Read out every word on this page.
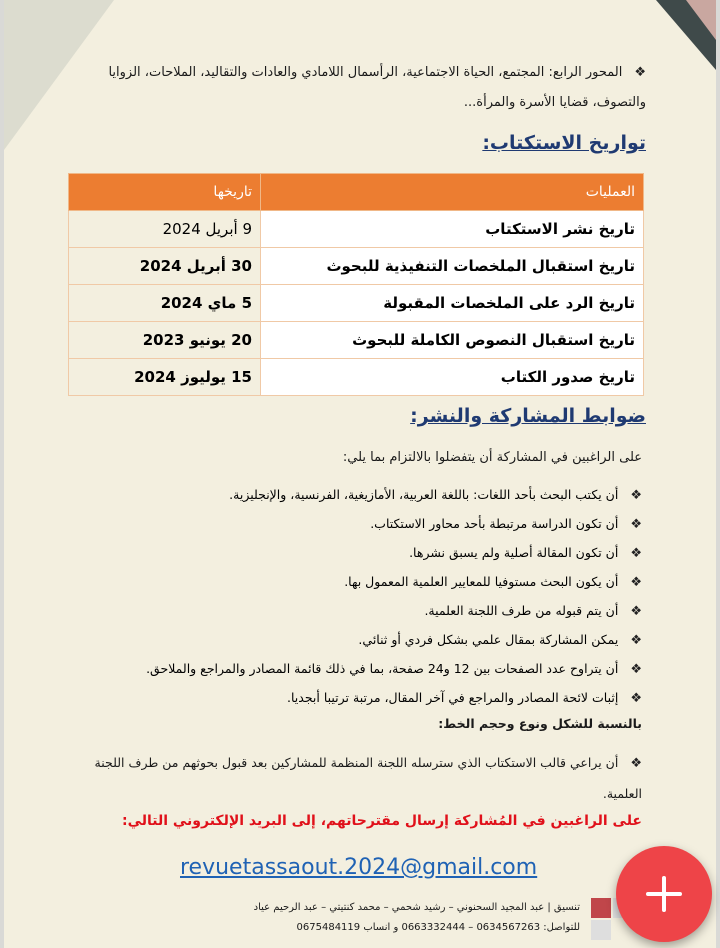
❖المحور الرابع: المجتمع، الحياة الاجتماعية، الرأسمال اللامادي والعادات والتقاليد، الملاحات، الزوايا والتصوف، قضايا الأسرة والمرأة...
تواريخ الاستكتاب:
العمليات	تاريخها
تاريخ نشر الاستكتاب	9 أبريل 2024
تاريخ استقبال الملخصات التنفيذية للبحوث	30 أبريل 2024
تاريخ الرد على الملخصات المقبولة	5 ماي 2024
تاريخ استقبال النصوص الكاملة للبحوث	20 يونيو 2023
تاريخ صدور الكتاب	15 يوليوز 2024
ضوابط المشاركة والنشر:
على الراغبين في المشاركة أن يتفضلوا بالالتزام بما يلي:
❖أن يكتب البحث بأحد اللغات: باللغة العربية، الأمازيغية، الفرنسية، والإنجليزية.
❖أن تكون الدراسة مرتبطة بأحد محاور الاستكتاب.
❖أن تكون المقالة أصلية ولم يسبق نشرها.
❖أن يكون البحث مستوفيا للمعايير العلمية المعمول بها.
❖أن يتم قبوله من طرف اللجنة العلمية.
❖يمكن المشاركة بمقال علمي بشكل فردي أو ثنائي.
❖أن يتراوح عدد الصفحات بين 12 و24 صفحة، بما في ذلك قائمة المصادر والمراجع والملاحق.
❖إثبات لائحة المصادر والمراجع في آخر المقال، مرتبة ترتيبا أبجديا.
بالنسبة للشكل ونوع وحجم الخط:
❖أن يراعي قالب الاستكتاب الذي سترسله اللجنة المنظمة للمشاركين بعد قبول بحوثهم من طرف اللجنة العلمية.
على الراغبين في المُشاركة إرسال مقترحاتهم، إلى البريد الإلكتروني التالي:
revuetassaout.2024@gmail.com
تنسيق | عبد المجيد السحنوني – رشيد شحمي – محمد كنتيتي – عبد الرحيم عياد
للتواصل: 0634567263 – 0663332444 و انساب 0675484119
